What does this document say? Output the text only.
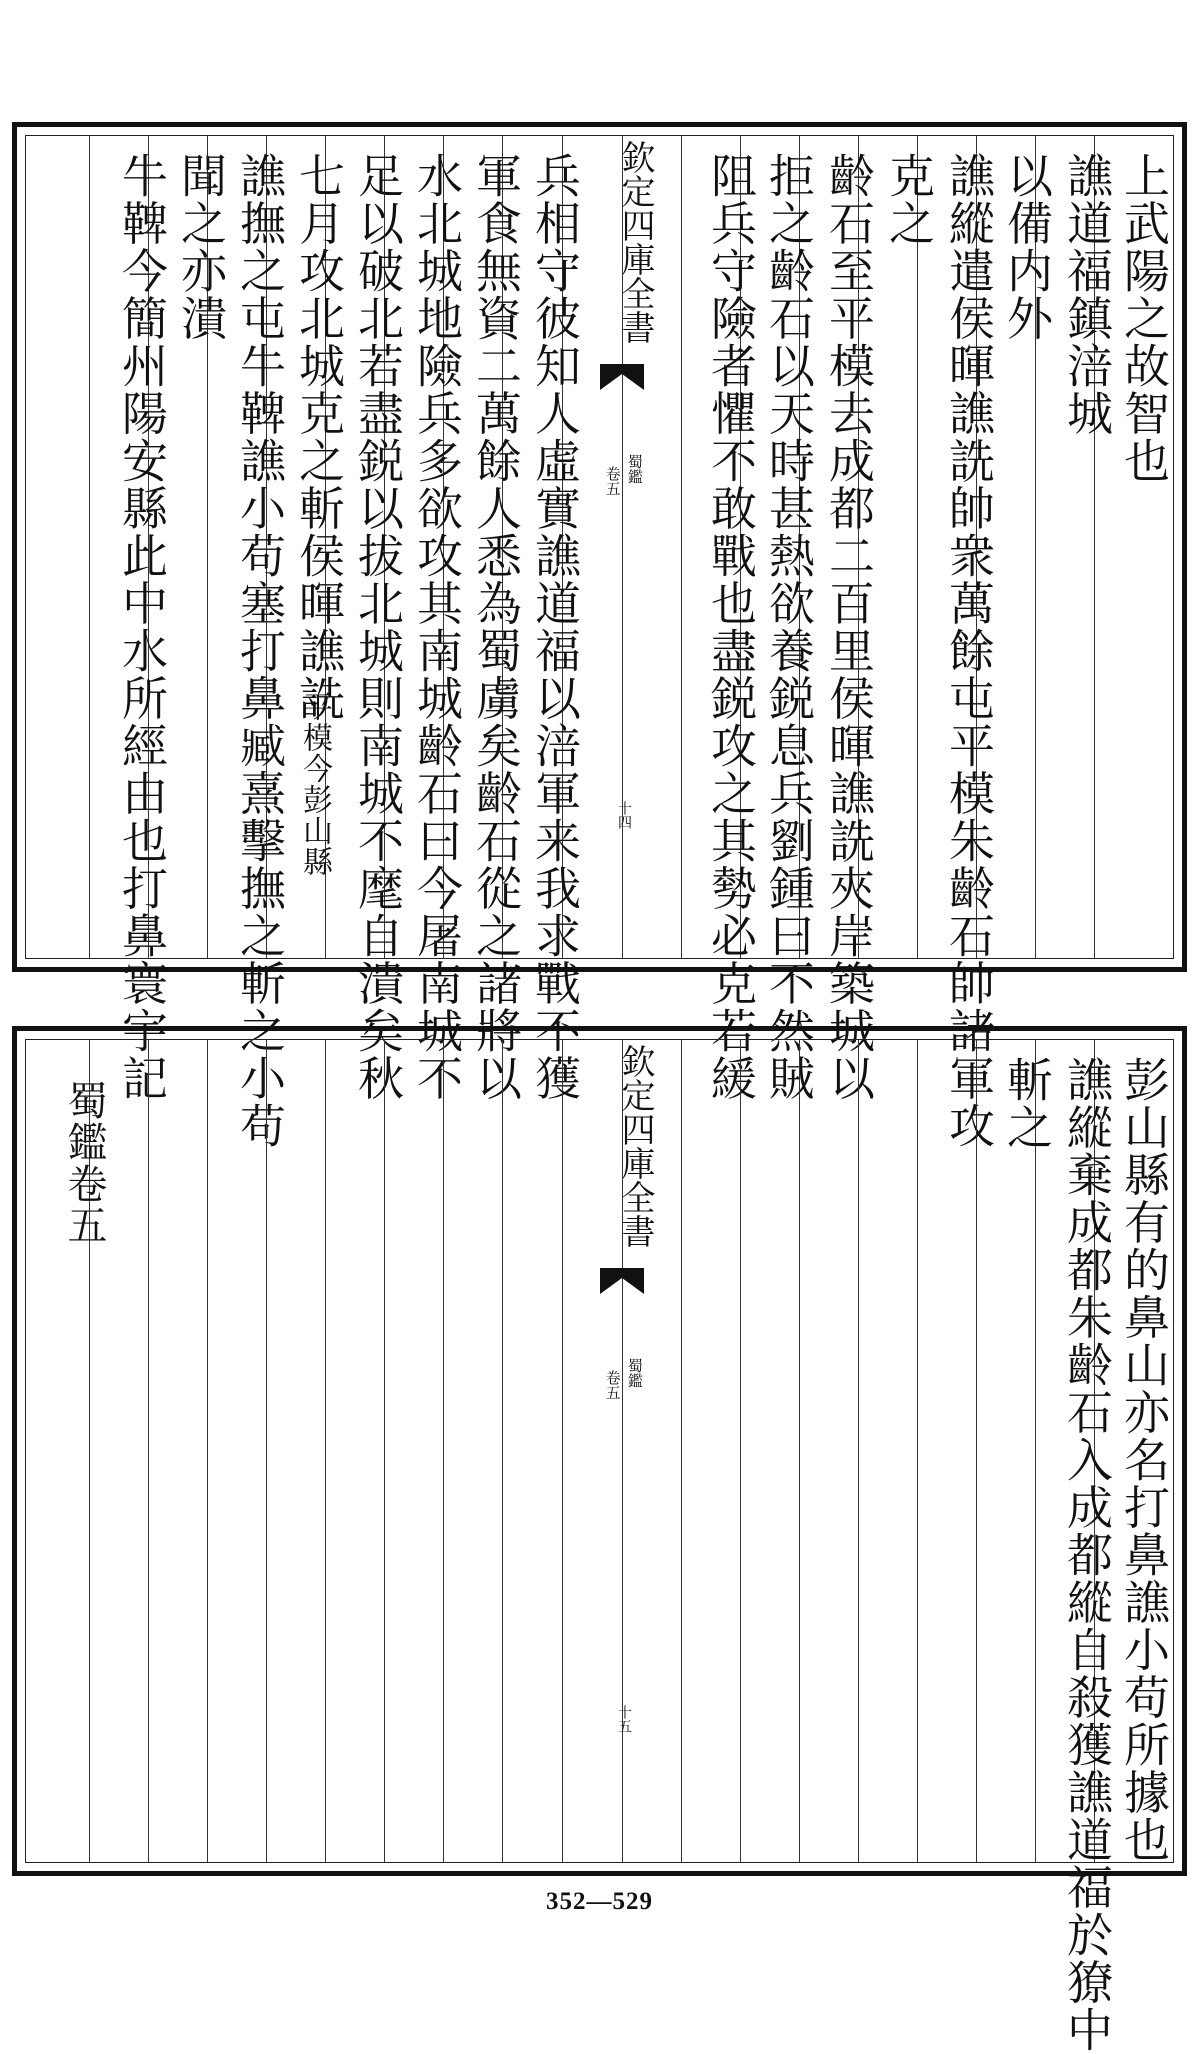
上武陽之故智也
譙道福鎮涪城
以備内外
譙縱遣侯暉譙詵帥衆萬餘屯平模朱齡石帥諸軍攻
克之
齡石至平模去成都二百里侯暉譙詵夾岸築城以
拒之齡石以天時甚熱欲養鋭息兵劉鍾曰不然賊
阻兵守險者懼不敢戰也盡鋭攻之其勢必克若緩
欽定四庫全書
蜀鑑
卷五
十四
兵相守彼知人虛實譙道福以涪軍来我求戰不獲
軍食無資二萬餘人悉為蜀虜矣齡石從之諸將以
水北城地險兵多欲攻其南城齡石曰今屠南城不
足以破北若盡鋭以拔北城則南城不麾自潰矣秋
七月攻北城克之斬侯暉譙詵
平模今彭山縣
譙撫之屯牛鞞譙小苟塞打鼻臧熹擊撫之斬之小苟
聞之亦潰
牛鞞今簡州陽安縣此中水所經由也打鼻寰宇記
彭山縣有的鼻山亦名打鼻譙小苟所據也
譙縱棄成都朱齡石入成都縱自殺獲譙道福於獠中
斬之
欽定四庫全書
蜀鑑
卷五
十五
蜀鑑卷五
352—529
